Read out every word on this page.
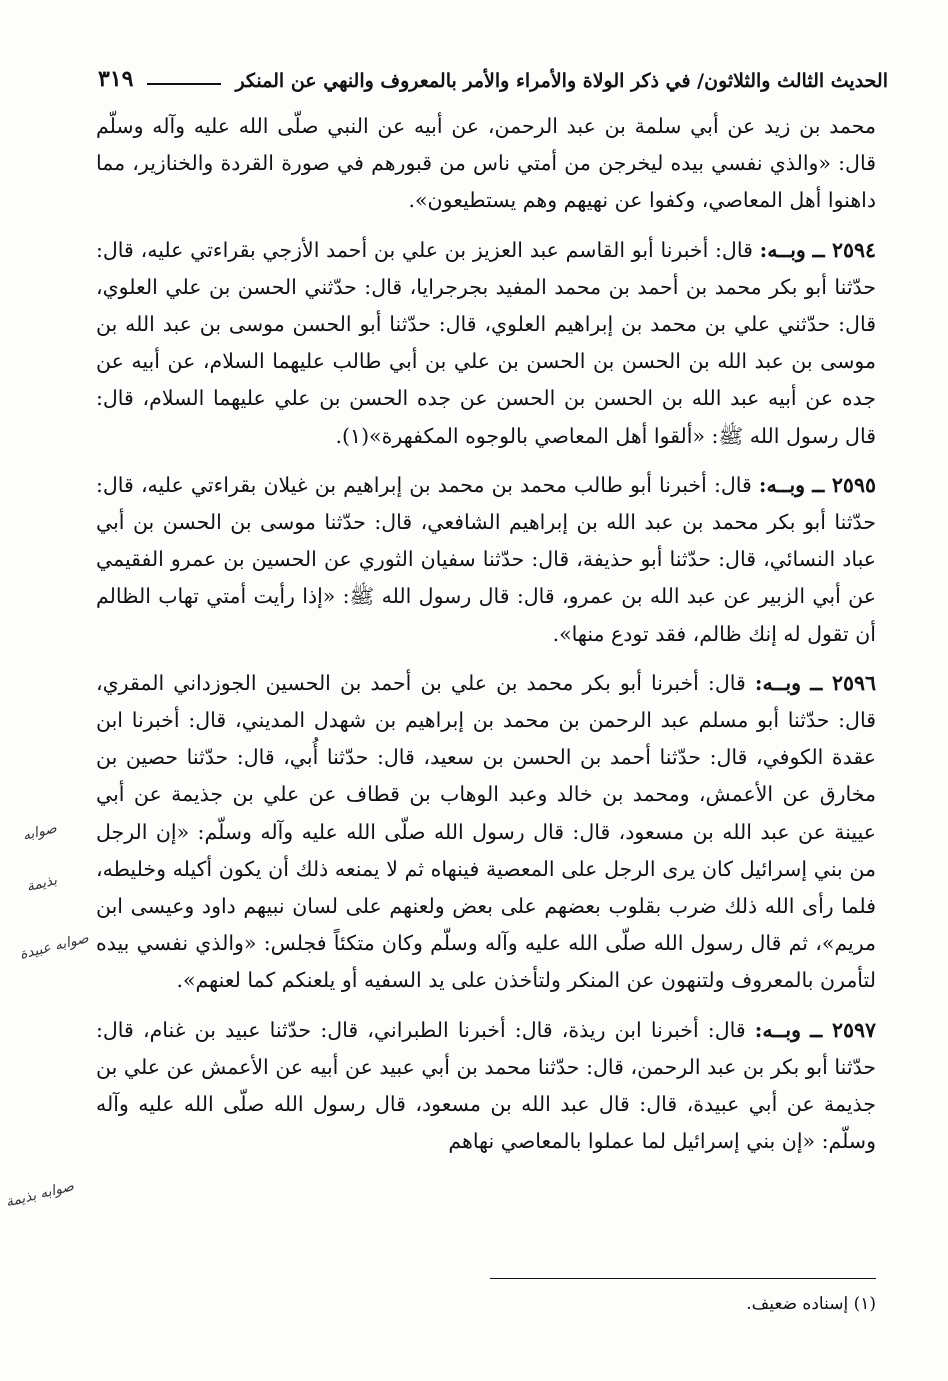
الحديث الثالث والثلاثون/ في ذكر الولاة والأمراء والأمر بالمعروف والنهي عن المنكر
٣١٩

محمد بن زيد عن أبي سلمة بن عبد الرحمن، عن أبيه عن النبي صلّى الله عليه وآله وسلّم قال: «والذي نفسي بيده ليخرجن من أمتي ناس من قبورهم في صورة القردة والخنازير، مما داهنوا أهل المعاصي، وكفوا عن نهيهم وهم يستطيعون».

٢٥٩٤ ــ وبــه: قال: أخبرنا أبو القاسم عبد العزيز بن علي بن أحمد الأزجي بقراءتي عليه، قال: حدّثنا أبو بكر محمد بن أحمد بن محمد المفيد بجرجرايا، قال: حدّثني الحسن بن علي العلوي، قال: حدّثني علي بن محمد بن إبراهيم العلوي، قال: حدّثنا أبو الحسن موسى بن عبد الله بن موسى بن عبد الله بن الحسن بن الحسن بن علي بن أبي طالب عليهما السلام، عن أبيه عن جده عن أبيه عبد الله بن الحسن بن الحسن عن جده الحسن بن علي عليهما السلام، قال: قال رسول الله ﷺ: «ألقوا أهل المعاصي بالوجوه المكفهرة»(١).

٢٥٩٥ ــ وبــه: قال: أخبرنا أبو طالب محمد بن محمد بن إبراهيم بن غيلان بقراءتي عليه، قال: حدّثنا أبو بكر محمد بن عبد الله بن إبراهيم الشافعي، قال: حدّثنا موسى بن الحسن بن أبي عباد النسائي، قال: حدّثنا أبو حذيفة، قال: حدّثنا سفيان الثوري عن الحسين بن عمرو الفقيمي عن أبي الزبير عن عبد الله بن عمرو، قال: قال رسول الله ﷺ: «إذا رأيت أمتي تهاب الظالم أن تقول له إنك ظالم، فقد تودع منها».

٢٥٩٦ ــ وبــه: قال: أخبرنا أبو بكر محمد بن علي بن أحمد بن الحسين الجوزداني المقري، قال: حدّثنا أبو مسلم عبد الرحمن بن محمد بن إبراهيم بن شهدل المديني، قال: أخبرنا ابن عقدة الكوفي، قال: حدّثنا أحمد بن الحسن بن سعيد، قال: حدّثنا أُبي، قال: حدّثنا حصين بن مخارق عن الأعمش، ومحمد بن خالد وعبد الوهاب بن قطاف عن علي بن جذيمة عن أبي عيينة عن عبد الله بن مسعود، قال: قال رسول الله صلّى الله عليه وآله وسلّم: «إن الرجل من بني إسرائيل كان يرى الرجل على المعصية فينهاه ثم لا يمنعه ذلك أن يكون أكيله وخليطه، فلما رأى الله ذلك ضرب بقلوب بعضهم على بعض ولعنهم على لسان نبيهم داود وعيسى ابن مريم»، ثم قال رسول الله صلّى الله عليه وآله وسلّم وكان متكئاً فجلس: «والذي نفسي بيده لتأمرن بالمعروف ولتنهون عن المنكر ولتأخذن على يد السفيه أو يلعنكم كما لعنهم».

٢٥٩٧ ــ وبــه: قال: أخبرنا ابن ريذة، قال: أخبرنا الطبراني، قال: حدّثنا عبيد بن غنام، قال: حدّثنا أبو بكر بن عبد الرحمن، قال: حدّثنا محمد بن أبي عبيد عن أبيه عن الأعمش عن علي بن جذيمة عن أبي عبيدة، قال: قال عبد الله بن مسعود، قال رسول الله صلّى الله عليه وآله وسلّم: «إن بني إسرائيل لما عملوا بالمعاصي نهاهم

صوابه
بذيمة
صوابه عبيدة
صوابه بذيمة
(١) إسناده ضعيف.
